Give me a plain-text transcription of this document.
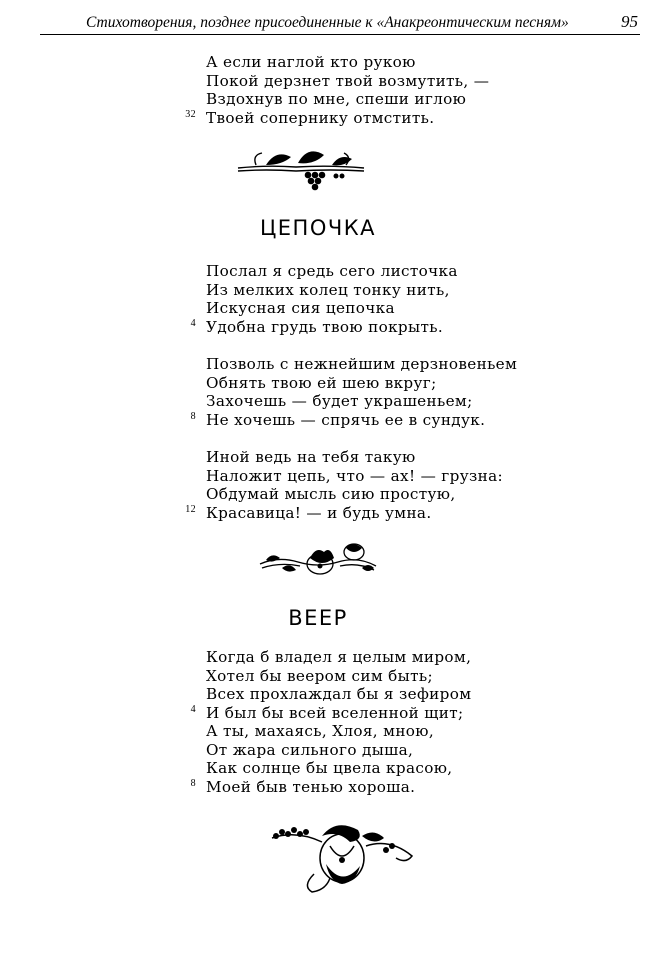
Стихотворения, позднее присоединенные к «Анакреонтическим песням»	95
А если наглой кто рукою
Покой дерзнет твой возмутить, —
Вздохнув по мне, спеши иглою
32 Твоей сопернику отмстить.
ЦЕПОЧКА
Послал я средь сего листочка
Из мелких колец тонку нить,
Искусная сия цепочка
4 Удобна грудь твою покрыть.
Позволь с нежнейшим дерзновеньем
Обнять твою ей шею вкруг;
Захочешь — будет украшеньем;
8 Не хочешь — спрячь ее в сундук.
Иной ведь на тебя такую
Наложит цепь, что — ах! — грузна:
Обдумай мысль сию простую,
12 Красавица! — и будь умна.
ВЕЕР
Когда б владел я целым миром,
Хотел бы веером сим быть;
Всех прохлаждал бы я зефиром
4 И был бы всей вселенной щит;
А ты, махаясь, Хлоя, мною,
От жара сильного дыша,
Как солнце бы цвела красою,
8 Моей быв тенью хороша.
